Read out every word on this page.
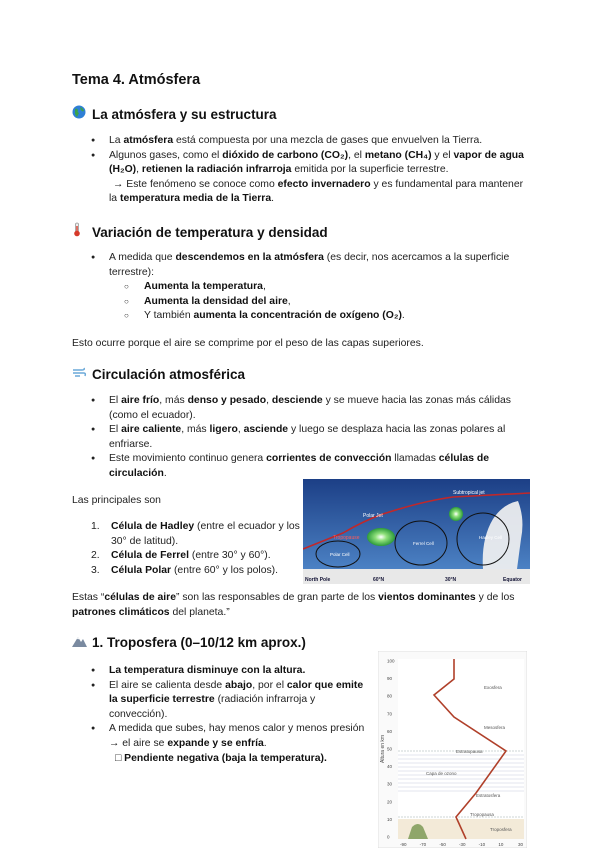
Tema 4. Atmósfera
La atmósfera y su estructura
● La atmósfera está compuesta por una mezcla de gases que envuelven la Tierra.
● Algunos gases, como el dióxido de carbono (CO₂), el metano (CH₄) y el vapor de agua (H₂O), retienen la radiación infrarroja emitida por la superficie terrestre.
→ Este fenómeno se conoce como efecto invernadero y es fundamental para mantener la temperatura media de la Tierra.
Variación de temperatura y densidad
● A medida que descendemos en la atmósfera (es decir, nos acercamos a la superficie terrestre):
○ Aumenta la temperatura,
○ Aumenta la densidad del aire,
○ Y también aumenta la concentración de oxígeno (O₂).
Esto ocurre porque el aire se comprime por el peso de las capas superiores.
Circulación atmosférica
● El aire frío, más denso y pesado, desciende y se mueve hacia las zonas más cálidas (como el ecuador).
● El aire caliente, más ligero, asciende y luego se desplaza hacia las zonas polares al enfriarse.
● Este movimiento continuo genera corrientes de convección llamadas células de circulación.
Las principales son
1. Célula de Hadley (entre el ecuador y los 30° de latitud).
2. Célula de Ferrel (entre 30° y 60°).
3. Célula Polar (entre 60° y los polos).
Subtropical jet
Polar Jet
Tropopause
Polar Cell
Ferrel Cell
Hadley Cell
North Pole	60°N	30°N	Equator
Estas “células de aire” son las responsables de gran parte de los vientos dominantes y de los patrones climáticos del planeta.”
1. Troposfera (0–10/12 km aprox.)
● La temperatura disminuye con la altura.
● El aire se calienta desde abajo, por el calor que emite la superficie terrestre (radiación infrarroja y convección).
● A medida que subes, hay menos calor y menos presión → el aire se expande y se enfría.
□ Pendiente negativa (baja la temperatura).
100
90
80
70
60
50
40
30
20
10
0
Altura en km
Exosfera
Mesosfera
Estratopausa
Estratosfera
Tropopausa
Troposfera
Capa de ozono
-90	-70	-50	-30	-10	10	30
